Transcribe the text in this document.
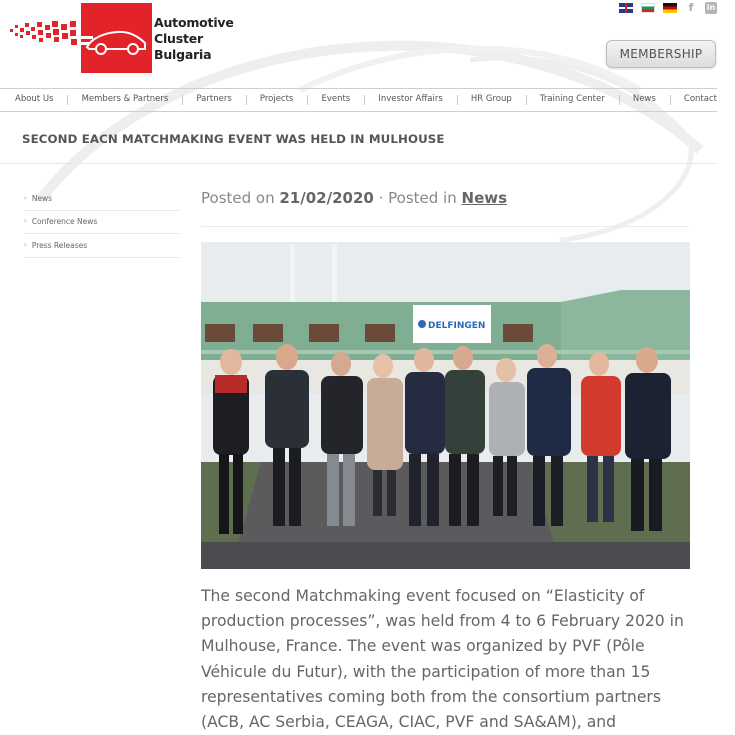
Automotive
Cluster
Bulgaria
f	in
MEMBERSHIP
About Us	Members & Partners	Partners	Projects	Events	Investor Affairs	HR Group	Training Center	News	Contact
SECOND EACN MATCHMAKING EVENT WAS HELD IN MULHOUSE
› News
› Conference News
› Press Releases
Posted on 21/02/2020 · Posted in News
DELFINGEN

The second Matchmaking event focused on “Elasticity of production processes”, was held from 4 to 6 February 2020 in Mulhouse, France. The event was organized by PVF (Pôle Véhicule du Futur), with the participation of more than 15 representatives coming both from the consortium partners (ACB, AC Serbia, CEAGA, CIAC, PVF and SA&AM), and
